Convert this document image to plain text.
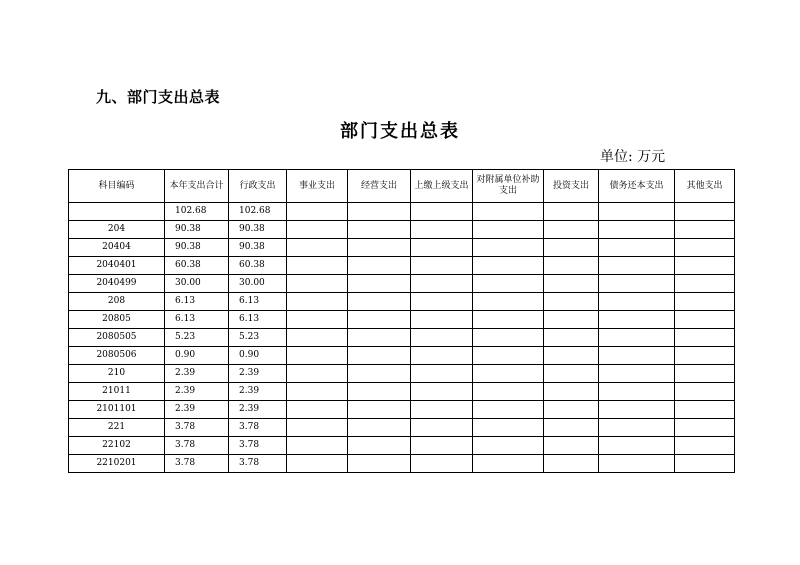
九、部门支出总表
部门支出总表
单位: 万元
科目编码	本年支出合计	行政支出	事业支出	经营支出	上缴上级支出	对附属单位补助支出	投资支出	债务还本支出	其他支出

	102.68	102.68							
204	90.38	90.38							
20404	90.38	90.38							
2040401	60.38	60.38							
2040499	30.00	30.00							
208	6.13	6.13							
20805	6.13	6.13							
2080505	5.23	5.23							
2080506	0.90	0.90							
210	2.39	2.39							
21011	2.39	2.39							
2101101	2.39	2.39							
221	3.78	3.78							
22102	3.78	3.78							
2210201	3.78	3.78							
